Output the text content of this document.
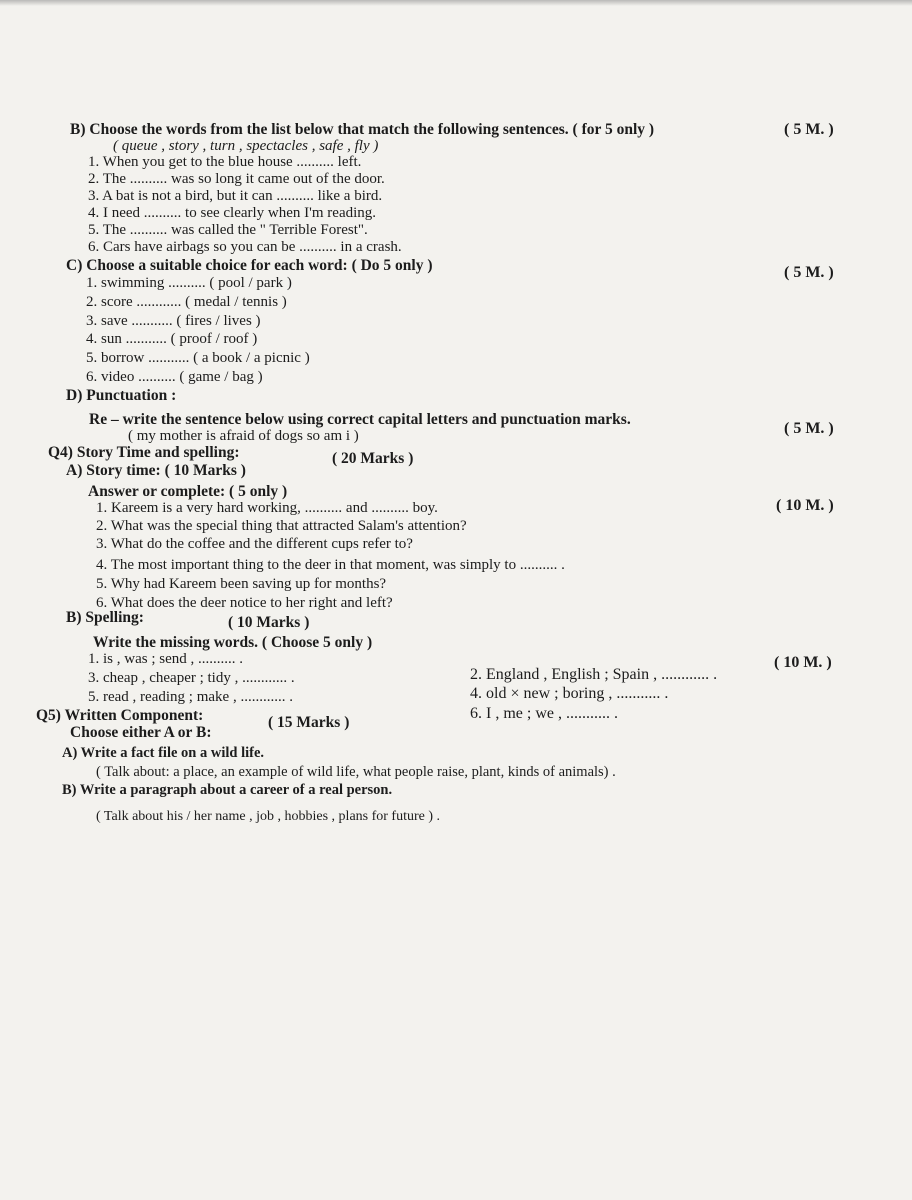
B) Choose the words from the list below that match the following sentences. ( for 5 only )	( 5 M. )
( queue , story , turn , spectacles , safe , fly )
1. When you get to the blue house .......... left.
2. The .......... was so long it came out of the door.
3. A bat is not a bird, but it can .......... like a bird.
4. I need .......... to see clearly when I'm reading.
5. The .......... was called the " Terrible Forest".
6. Cars have airbags so you can be .......... in a crash.
C) Choose a suitable choice for each word: ( Do 5 only )	( 5 M. )
1. swimming .......... ( pool / park )
2. score ............ ( medal / tennis )
3. save ........... ( fires / lives )
4. sun ........... ( proof / roof )
5. borrow ........... ( a book / a picnic )
6. video .......... ( game / bag )
D) Punctuation :
Re – write the sentence below using correct capital letters and punctuation marks.
( 5 M. )
( my mother is afraid of dogs so am i )
Q4) Story Time and spelling:	( 20 Marks )
A) Story time: ( 10 Marks )
Answer or complete: ( 5 only )
( 10 M. )
1. Kareem is a very hard working, .......... and .......... boy.
2. What was the special thing that attracted Salam's attention?
3. What do the coffee and the different cups refer to?
4. The most important thing to the deer in that moment, was simply to .......... .
5. Why had Kareem been saving up for months?
6. What does the deer notice to her right and left?
B) Spelling:	( 10 Marks )
Write the missing words. ( Choose 5 only )
( 10 M. )
1. is , was ; send , .......... .
3. cheap , cheaper ; tidy , ............ .
5. read , reading ; make , ............ .
2. England , English ; Spain , ............ .
4. old × new ; boring , ........... .
6. I , me ; we , ........... .
Q5) Written Component:	( 15 Marks )
Choose either A or B:
A) Write a fact file on a wild life.
( Talk about: a place, an example of wild life, what people raise, plant, kinds of animals) .
B) Write a paragraph about a career of a real person.
( Talk about his / her name , job , hobbies , plans for future ) .
